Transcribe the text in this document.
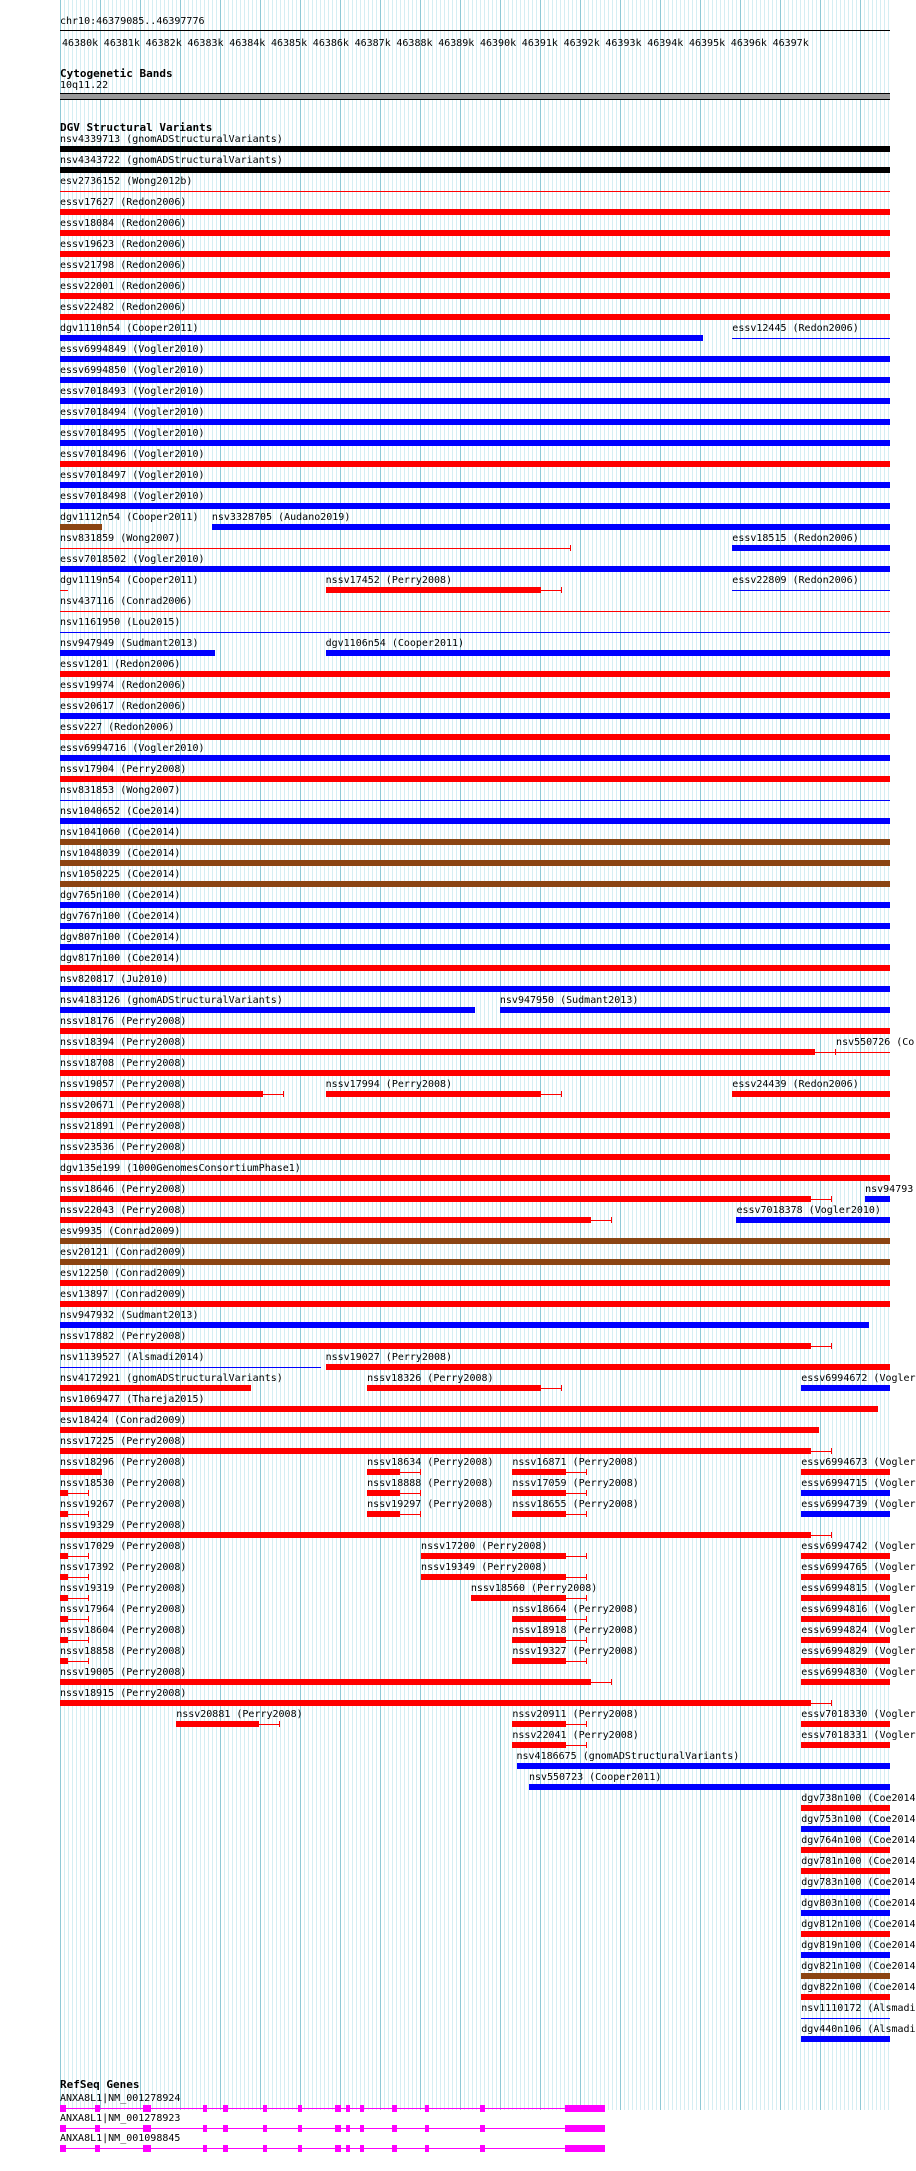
chr10:46379085..46397776
46380k 46381k 46382k 46383k 46384k 46385k 46386k 46387k 46388k 46389k 46390k 46391k 46392k 46393k 46394k 46395k 46396k 46397k
Cytogenetic Bands
10q11.22
DGV Structural Variants
nsv4339713 (gnomADStructuralVariants)
nsv4343722 (gnomADStructuralVariants)
esv2736152 (Wong2012b)
essv17627 (Redon2006)
essv18084 (Redon2006)
essv19623 (Redon2006)
essv21798 (Redon2006)
essv22001 (Redon2006)
essv22482 (Redon2006)
dgv1110n54 (Cooper2011)	essv12445 (Redon2006)
essv6994849 (Vogler2010)
essv6994850 (Vogler2010)
essv7018493 (Vogler2010)
essv7018494 (Vogler2010)
essv7018495 (Vogler2010)
essv7018496 (Vogler2010)
essv7018497 (Vogler2010)
essv7018498 (Vogler2010)
dgv1112n54 (Cooper2011) nsv3328705 (Audano2019)
nsv831859 (Wong2007)	essv18515 (Redon2006)
essv7018502 (Vogler2010)
dgv1119n54 (Cooper2011)	nssv17452 (Perry2008)	essv22809 (Redon2006)
nsv437116 (Conrad2006)
nsv1161950 (Lou2015)
nsv947949 (Sudmant2013)	dgv1106n54 (Cooper2011)
essv1201 (Redon2006)
essv19974 (Redon2006)
essv20617 (Redon2006)
essv227 (Redon2006)
essv6994716 (Vogler2010)
nssv17904 (Perry2008)
nsv831853 (Wong2007)
nsv1040652 (Coe2014)
nsv1041060 (Coe2014)
nsv1048039 (Coe2014)
nsv1050225 (Coe2014)
dgv765n100 (Coe2014)
dgv767n100 (Coe2014)
dgv807n100 (Coe2014)
dgv817n100 (Coe2014)
nsv820817 (Ju2010)
nsv4183126 (gnomADStructuralVariants)	nsv947950 (Sudmant2013)
nssv18176 (Perry2008)
nssv18394 (Perry2008)	nsv550726 (Co
nssv18708 (Perry2008)
nssv19057 (Perry2008)	nssv17994 (Perry2008)	essv24439 (Redon2006)
nssv20671 (Perry2008)
nssv21891 (Perry2008)
nssv23536 (Perry2008)
dgv135e199 (1000GenomesConsortiumPhase1)
nssv18646 (Perry2008)	nsv94793
nssv22043 (Perry2008)	essv7018378 (Vogler2010)
esv9935 (Conrad2009)
esv20121 (Conrad2009)
esv12250 (Conrad2009)
esv13897 (Conrad2009)
nsv947932 (Sudmant2013)
nssv17882 (Perry2008)
nsv1139527 (Alsmadi2014)	nssv19027 (Perry2008)
nsv4172921 (gnomADStructuralVariants)	nssv18326 (Perry2008)	essv6994672 (Vogler
nsv1069477 (Thareja2015)
esv18424 (Conrad2009)
nssv17225 (Perry2008)
nssv18296 (Perry2008)	nssv18634 (Perry2008) nssv16871 (Perry2008)	essv6994673 (Vogler
nssv18530 (Perry2008)	nssv18888 (Perry2008) nssv17059 (Perry2008)	essv6994715 (Vogler
nssv19267 (Perry2008)	nssv19297 (Perry2008) nssv18655 (Perry2008)	essv6994739 (Vogler
nssv19329 (Perry2008)
nssv17029 (Perry2008)	nssv17200 (Perry2008)	essv6994742 (Vogler
nssv17392 (Perry2008)	nssv19349 (Perry2008)	essv6994765 (Vogler
nssv19319 (Perry2008)	nssv18560 (Perry2008)	essv6994815 (Vogler
nssv17964 (Perry2008)	nssv18664 (Perry2008)	essv6994816 (Vogler
nssv18604 (Perry2008)	nssv18918 (Perry2008)	essv6994824 (Vogler
nssv18858 (Perry2008)	nssv19327 (Perry2008)	essv6994829 (Vogler
nssv19005 (Perry2008)	essv6994830 (Vogler
nssv18915 (Perry2008)
nssv20881 (Perry2008)	nssv20911 (Perry2008)	essv7018330 (Vogler
nssv22041 (Perry2008)	essv7018331 (Vogler
nsv4186675 (gnomADStructuralVariants)
nsv550723 (Cooper2011)
dgv738n100 (Coe2014
dgv753n100 (Coe2014
dgv764n100 (Coe2014
dgv781n100 (Coe2014
dgv783n100 (Coe2014
dgv803n100 (Coe2014
dgv812n100 (Coe2014
dgv819n100 (Coe2014
dgv821n100 (Coe2014
dgv822n100 (Coe2014
nsv1110172 (Alsmadi
dgv440n106 (Alsmadi
RefSeq Genes
ANXA8L1|NM_001278924
ANXA8L1|NM_001278923
ANXA8L1|NM_001098845
